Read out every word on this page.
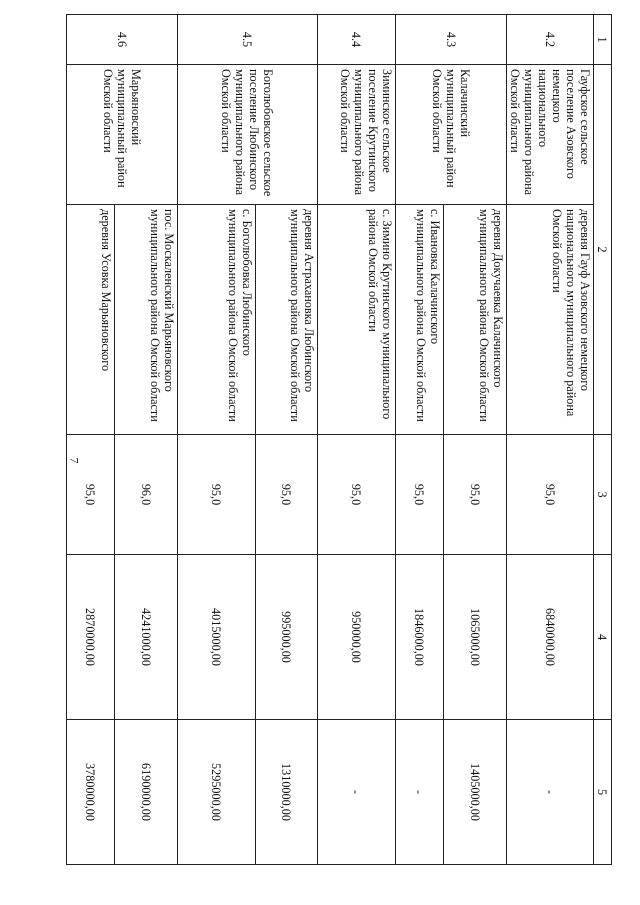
7
1	2		3	4	5
4.2	Гауфское сельское поселение Азовского немецкого национального муниципального района Омской области	деревня Гауф Азовского немецкого национального муниципального района Омской области	95,0	6840000,00	-
4.3	Калачинский муниципальный район Омской области	деревня Докучаевка Калачинского муниципального района Омской области	95,0	1065000,00	1405000,00
		с. Ивановка Калачинского муниципального района Омской области	95,0	1846000,00	-
4.4	Зиминское сельское поселение Крутинского муниципального района Омской области	с. Зимино Крутинского муниципального района Омской области	95,0	950000,00	-
4.5	Боголюбовское сельское поселение Любинского муниципального района Омской области	деревня Астрахановка Любинского муниципального района Омской области	95,0	995000,00	1310000,00
		с. Боголюбовка Любинского муниципального района Омской области	95,0	4015000,00	5295000,00
4.6	Марьяновский муниципальный район Омской области	пос. Москаленский Марьяновского муниципального района Омской области	96,0	4241000,00	6190000,00
		деревня Усовка Марьяновского	95,0	2870000,00	3780000,00
